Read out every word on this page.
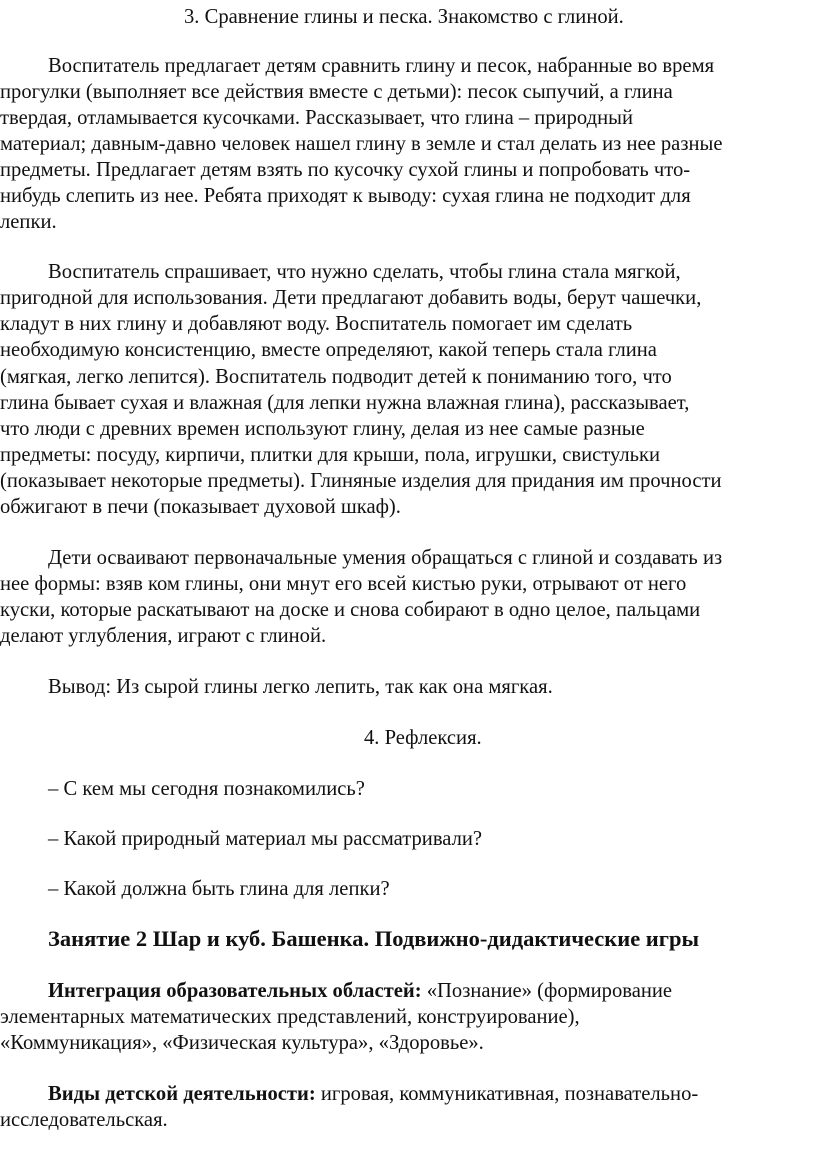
3. Сравнение глины и песка. Знакомство с глиной.
Воспитатель предлагает детям сравнить глину и песок, набранные во время
прогулки (выполняет все действия вместе с детьми): песок сыпучий, а глина
твердая, отламывается кусочками. Рассказывает, что глина – природный
материал; давным-давно человек нашел глину в земле и стал делать из нее разные
предметы. Предлагает детям взять по кусочку сухой глины и попробовать что-
нибудь слепить из нее. Ребята приходят к выводу: сухая глина не подходит для
лепки.
Воспитатель спрашивает, что нужно сделать, чтобы глина стала мягкой,
пригодной для использования. Дети предлагают добавить воды, берут чашечки,
кладут в них глину и добавляют воду. Воспитатель помогает им сделать
необходимую консистенцию, вместе определяют, какой теперь стала глина
(мягкая, легко лепится). Воспитатель подводит детей к пониманию того, что
глина бывает сухая и влажная (для лепки нужна влажная глина), рассказывает,
что люди с древних времен используют глину, делая из нее самые разные
предметы: посуду, кирпичи, плитки для крыши, пола, игрушки, свистульки
(показывает некоторые предметы). Глиняные изделия для придания им прочности
обжигают в печи (показывает духовой шкаф).
Дети осваивают первоначальные умения обращаться с глиной и создавать из
нее формы: взяв ком глины, они мнут его всей кистью руки, отрывают от него
куски, которые раскатывают на доске и снова собирают в одно целое, пальцами
делают углубления, играют с глиной.
Вывод: Из сырой глины легко лепить, так как она мягкая.
4. Рефлексия.
– С кем мы сегодня познакомились?
– Какой природный материал мы рассматривали?
– Какой должна быть глина для лепки?
Занятие 2 Шар и куб. Башенка. Подвижно-дидактические игры
Интеграция образовательных областей: «Познание» (формирование
элементарных математических представлений, конструирование),
«Коммуникация», «Физическая культура», «Здоровье».
Виды детской деятельности: игровая, коммуникативная, познавательно-
исследовательская.
